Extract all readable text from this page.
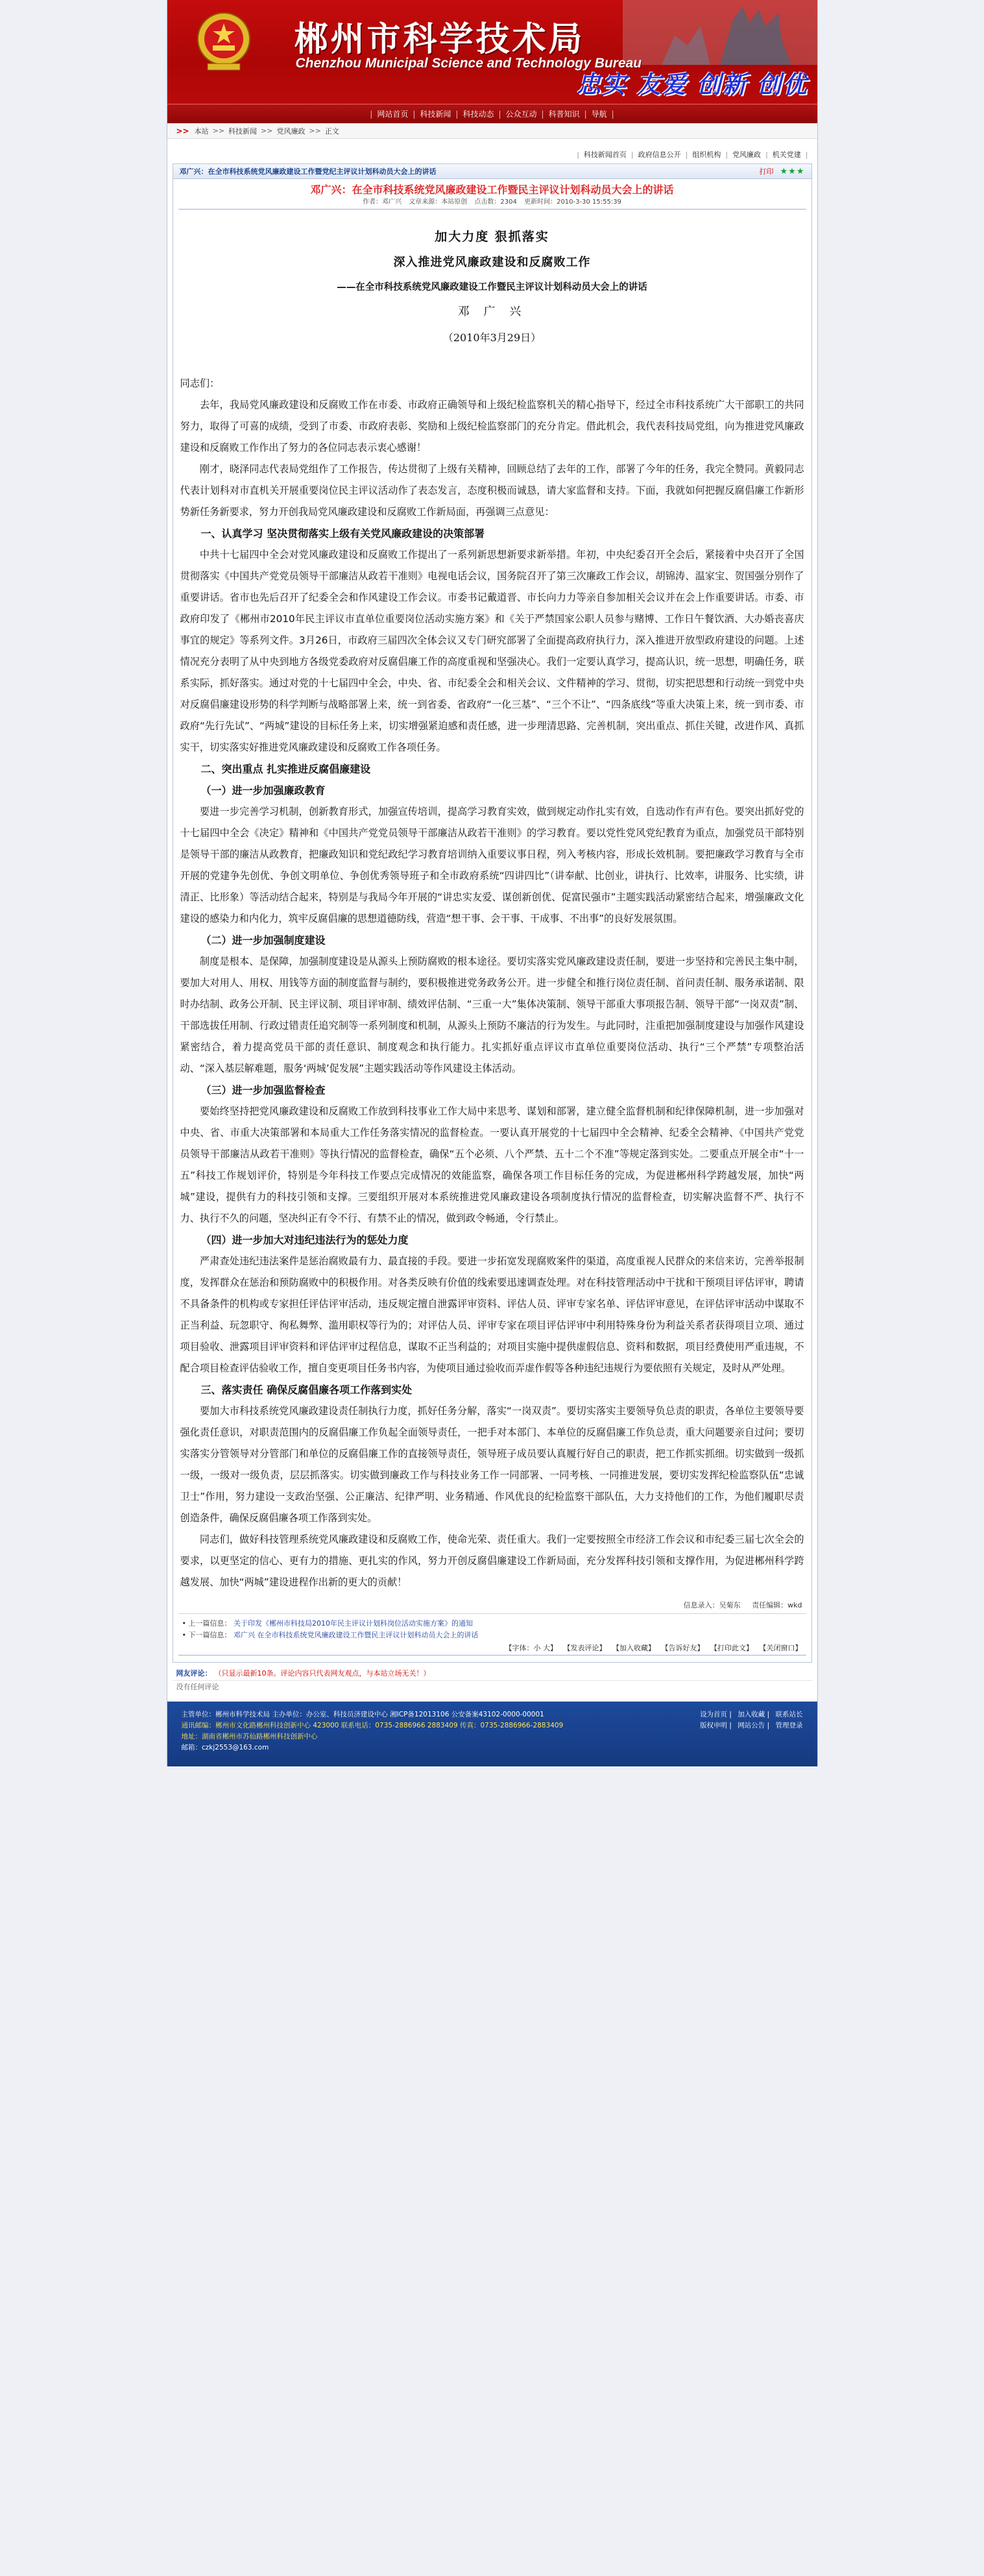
郴州市科学技术局
Chenzhou Municipal Science and Technology Bureau
忠实 友爱 创新 创优
| 网站首页 | 科技新闻 | 科技动态 | 公众互动 | 科普知识 | 导航 |
>> 本站 >> 科技新闻 >> 党风廉政 >> 正文
| 科技新闻首页 | 政府信息公开 | 组织机构 | 党风廉政 | 机关党建 |
邓广兴：在全市科技系统党风廉政建设工作暨党纪主评议计划科动员大会上的讲话	打印 ★★★
邓广兴：在全市科技系统党风廉政建设工作暨民主评议计划科动员大会上的讲话
作者：邓广兴 文章来源：本站原创 点击数：2304 更新时间：2010-3-30 15:55:39
加大力度 狠抓落实
深入推进党风廉政建设和反腐败工作
——在全市科技系统党风廉政建设工作暨民主评议计划科动员大会上的讲话
邓 广 兴
（2010年3月29日）

同志们：

去年，我局党风廉政建设和反腐败工作在市委、市政府正确领导和上级纪检监察机关的精心指导下，经过全市科技系统广大干部职工的共同努力，取得了可喜的成绩，受到了市委、市政府表彰、奖励和上级纪检监察部门的充分肯定。借此机会，我代表科技局党组，向为推进党风廉政建设和反腐败工作作出了努力的各位同志表示衷心感谢！

刚才，晓泽同志代表局党组作了工作报告，传达贯彻了上级有关精神，回顾总结了去年的工作，部署了今年的任务，我完全赞同。黄毅同志代表计划科对市直机关开展重要岗位民主评议活动作了表态发言，态度积极而诚恳，请大家监督和支持。下面，我就如何把握反腐倡廉工作新形势新任务新要求，努力开创我局党风廉政建设和反腐败工作新局面，再强调三点意见：

一、认真学习 坚决贯彻落实上级有关党风廉政建设的决策部署

中共十七届四中全会对党风廉政建设和反腐败工作提出了一系列新思想新要求新举措。年初，中央纪委召开全会后，紧接着中央召开了全国贯彻落实《中国共产党党员领导干部廉洁从政若干准则》电视电话会议，国务院召开了第三次廉政工作会议，胡锦涛、温家宝、贺国强分别作了重要讲话。省市也先后召开了纪委全会和作风建设工作会议。市委书记戴道晋、市长向力力等亲自参加相关会议并在会上作重要讲话。市委、市政府印发了《郴州市2010年民主评议市直单位重要岗位活动实施方案》和《关于严禁国家公职人员参与赌博、工作日午餐饮酒、大办婚丧喜庆事宜的规定》等系列文件。3月26日，市政府三届四次全体会议又专门研究部署了全面提高政府执行力，深入推进开放型政府建设的问题。上述情况充分表明了从中央到地方各级党委政府对反腐倡廉工作的高度重视和坚强决心。我们一定要认真学习，提高认识，统一思想，明确任务，联系实际，抓好落实。通过对党的十七届四中全会，中央、省、市纪委全会和相关会议、文件精神的学习、贯彻，切实把思想和行动统一到党中央对反腐倡廉建设形势的科学判断与战略部署上来，统一到省委、省政府“一化三基”、“三个不让”、“四条底线”等重大决策上来，统一到市委、市政府“先行先试”、“两城”建设的目标任务上来，切实增强紧迫感和责任感，进一步理清思路、完善机制，突出重点、抓住关键，改进作风、真抓实干，切实落实好推进党风廉政建设和反腐败工作各项任务。

二、突出重点 扎实推进反腐倡廉建设

（一）进一步加强廉政教育

要进一步完善学习机制，创新教育形式，加强宣传培训，提高学习教育实效，做到规定动作扎实有效，自选动作有声有色。要突出抓好党的十七届四中全会《决定》精神和《中国共产党党员领导干部廉洁从政若干准则》的学习教育。要以党性党风党纪教育为重点，加强党员干部特别是领导干部的廉洁从政教育，把廉政知识和党纪政纪学习教育培训纳入重要议事日程，列入考核内容，形成长效机制。要把廉政学习教育与全市开展的党建争先创优、争创文明单位、争创优秀领导班子和全市政府系统“四讲四比”（讲奉献、比创业，讲执行、比效率，讲服务、比实绩，讲清正、比形象）等活动结合起来，特别是与我局今年开展的“讲忠实友爱、谋创新创优、促富民强市”主题实践活动紧密结合起来，增强廉政文化建设的感染力和内化力，筑牢反腐倡廉的思想道德防线，营造“想干事、会干事、干成事、不出事”的良好发展氛围。

（二）进一步加强制度建设

制度是根本、是保障，加强制度建设是从源头上预防腐败的根本途径。要切实落实党风廉政建设责任制，要进一步坚持和完善民主集中制，要加大对用人、用权、用钱等方面的制度监督与制约，要积极推进党务政务公开。进一步健全和推行岗位责任制、首问责任制、服务承诺制、限时办结制、政务公开制、民主评议制、项目评审制、绩效评估制、“三重一大”集体决策制、领导干部重大事项报告制、领导干部“一岗双责”制、干部选拔任用制、行政过错责任追究制等一系列制度和机制，从源头上预防不廉洁的行为发生。与此同时，注重把加强制度建设与加强作风建设紧密结合，着力提高党员干部的责任意识、制度观念和执行能力。扎实抓好重点评议市直单位重要岗位活动、执行“三个严禁”专项整治活动、“深入基层解难题，服务‘两城’促发展”主题实践活动等作风建设主体活动。

（三）进一步加强监督检查

要始终坚持把党风廉政建设和反腐败工作放到科技事业工作大局中来思考、谋划和部署，建立健全监督机制和纪律保障机制，进一步加强对中央、省、市重大决策部署和本局重大工作任务落实情况的监督检查。一要认真开展党的十七届四中全会精神、纪委全会精神、《中国共产党党员领导干部廉洁从政若干准则》等执行情况的监督检查，确保“五个必须、八个严禁、五十二个不准”等规定落到实处。二要重点开展全市“十一五”科技工作规划评价，特别是今年科技工作要点完成情况的效能监察，确保各项工作目标任务的完成，为促进郴州科学跨越发展，加快“两城”建设，提供有力的科技引领和支撑。三要组织开展对本系统推进党风廉政建设各项制度执行情况的监督检查，切实解决监督不严、执行不力、执行不久的问题，坚决纠正有令不行、有禁不止的情况，做到政令畅通，令行禁止。

（四）进一步加大对违纪违法行为的惩处力度

严肃查处违纪违法案件是惩治腐败最有力、最直接的手段。要进一步拓宽发现腐败案件的渠道，高度重视人民群众的来信来访，完善举报制度，发挥群众在惩治和预防腐败中的积极作用。对各类反映有价值的线索要迅速调查处理。对在科技管理活动中干扰和干预项目评估评审，聘请不具备条件的机构或专家担任评估评审活动，违反规定擅自泄露评审资料、评估人员、评审专家名单、评估评审意见，在评估评审活动中谋取不正当利益、玩忽职守、徇私舞弊、滥用职权等行为的；对评估人员、评审专家在项目评估评审中利用特殊身份为利益关系者获得项目立项、通过项目验收、泄露项目评审资料和评估评审过程信息，谋取不正当利益的；对项目实施中提供虚假信息、资料和数据，项目经费使用严重违规，不配合项目检查评估验收工作，擅自变更项目任务书内容，为使项目通过验收而弄虚作假等各种违纪违规行为要依照有关规定，及时从严处理。

三、落实责任 确保反腐倡廉各项工作落到实处

要加大市科技系统党风廉政建设责任制执行力度，抓好任务分解，落实“一岗双责”。要切实落实主要领导负总责的职责，各单位主要领导要强化责任意识，对职责范围内的反腐倡廉工作负起全面领导责任，一把手对本部门、本单位的反腐倡廉工作负总责，重大问题要亲自过问；要切实落实分管领导对分管部门和单位的反腐倡廉工作的直接领导责任，领导班子成员要认真履行好自己的职责，把工作抓实抓细。切实做到一级抓一级，一级对一级负责，层层抓落实。切实做到廉政工作与科技业务工作一同部署、一同考核、一同推进发展，要切实发挥纪检监察队伍“忠诚卫士”作用，努力建设一支政治坚强、公正廉洁、纪律严明、业务精通、作风优良的纪检监察干部队伍，大力支持他们的工作，为他们履职尽责创造条件，确保反腐倡廉各项工作落到实处。

同志们，做好科技管理系统党风廉政建设和反腐败工作，使命光荣、责任重大。我们一定要按照全市经济工作会议和市纪委三届七次全会的要求，以更坚定的信心、更有力的措施、更扎实的作风，努力开创反腐倡廉建设工作新局面，充分发挥科技引领和支撑作用，为促进郴州科学跨越发展、加快“两城”建设进程作出新的更大的贡献！

信息录入：吴菊东 责任编辑：wkd
• 上一篇信息： 关于印发《郴州市科技局2010年民主评议计划科岗位活动实施方案》的通知
• 下一篇信息： 邓广兴 在全市科技系统党风廉政建设工作暨民主评议计划科动员大会上的讲话
【字体：小 大】 【发表评论】 【加入收藏】 【告诉好友】 【打印此文】 【关闭窗口】
网友评论： （只显示最新10条。评论内容只代表网友观点，与本站立场无关！）
没有任何评论
主管单位：郴州市科学技术局 主办单位：办公室、科技员济建设中心 湘ICP备12013106 公安备案43102-0000-00001
通讯邮编：郴州市文化路郴州科技创新中心 423000 联系电话：0735-2886966 2883409 传真：0735-2886966-2883409
地址：湖南省郴州市苏仙路郴州科技创新中心
邮箱：czkj2553@163.com
设为首页 | 加入收藏 | 联系站长
版权申明 | 网站公告 | 管理登录
